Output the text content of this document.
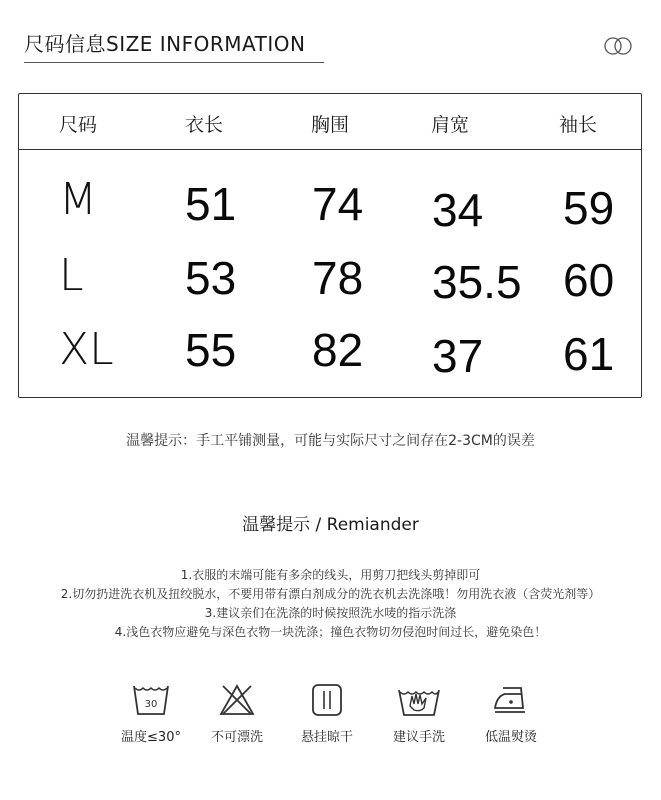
尺码信息SIZE INFORMATION
尺码	衣长	胸围	肩宽	袖长
M 51 74 34 59
L 53 78 35.5 60
XL 55 82 37 61
温馨提示：手工平铺测量，可能与实际尺寸之间存在2-3CM的误差
温馨提示 / Remiander
1.衣服的末端可能有多余的线头，用剪刀把线头剪掉即可
2.切勿扔进洗衣机及扭绞脱水，不要用带有漂白剂成分的洗衣机去洗涤哦！勿用洗衣液（含荧光剂等）
3.建议亲们在洗涤的时候按照洗水唛的指示洗涤
4.浅色衣物应避免与深色衣物一块洗涤；撞色衣物切勿侵泡时间过长，避免染色！
30
温度≤30°	不可漂洗	悬挂晾干	建议手洗	低温熨烫
